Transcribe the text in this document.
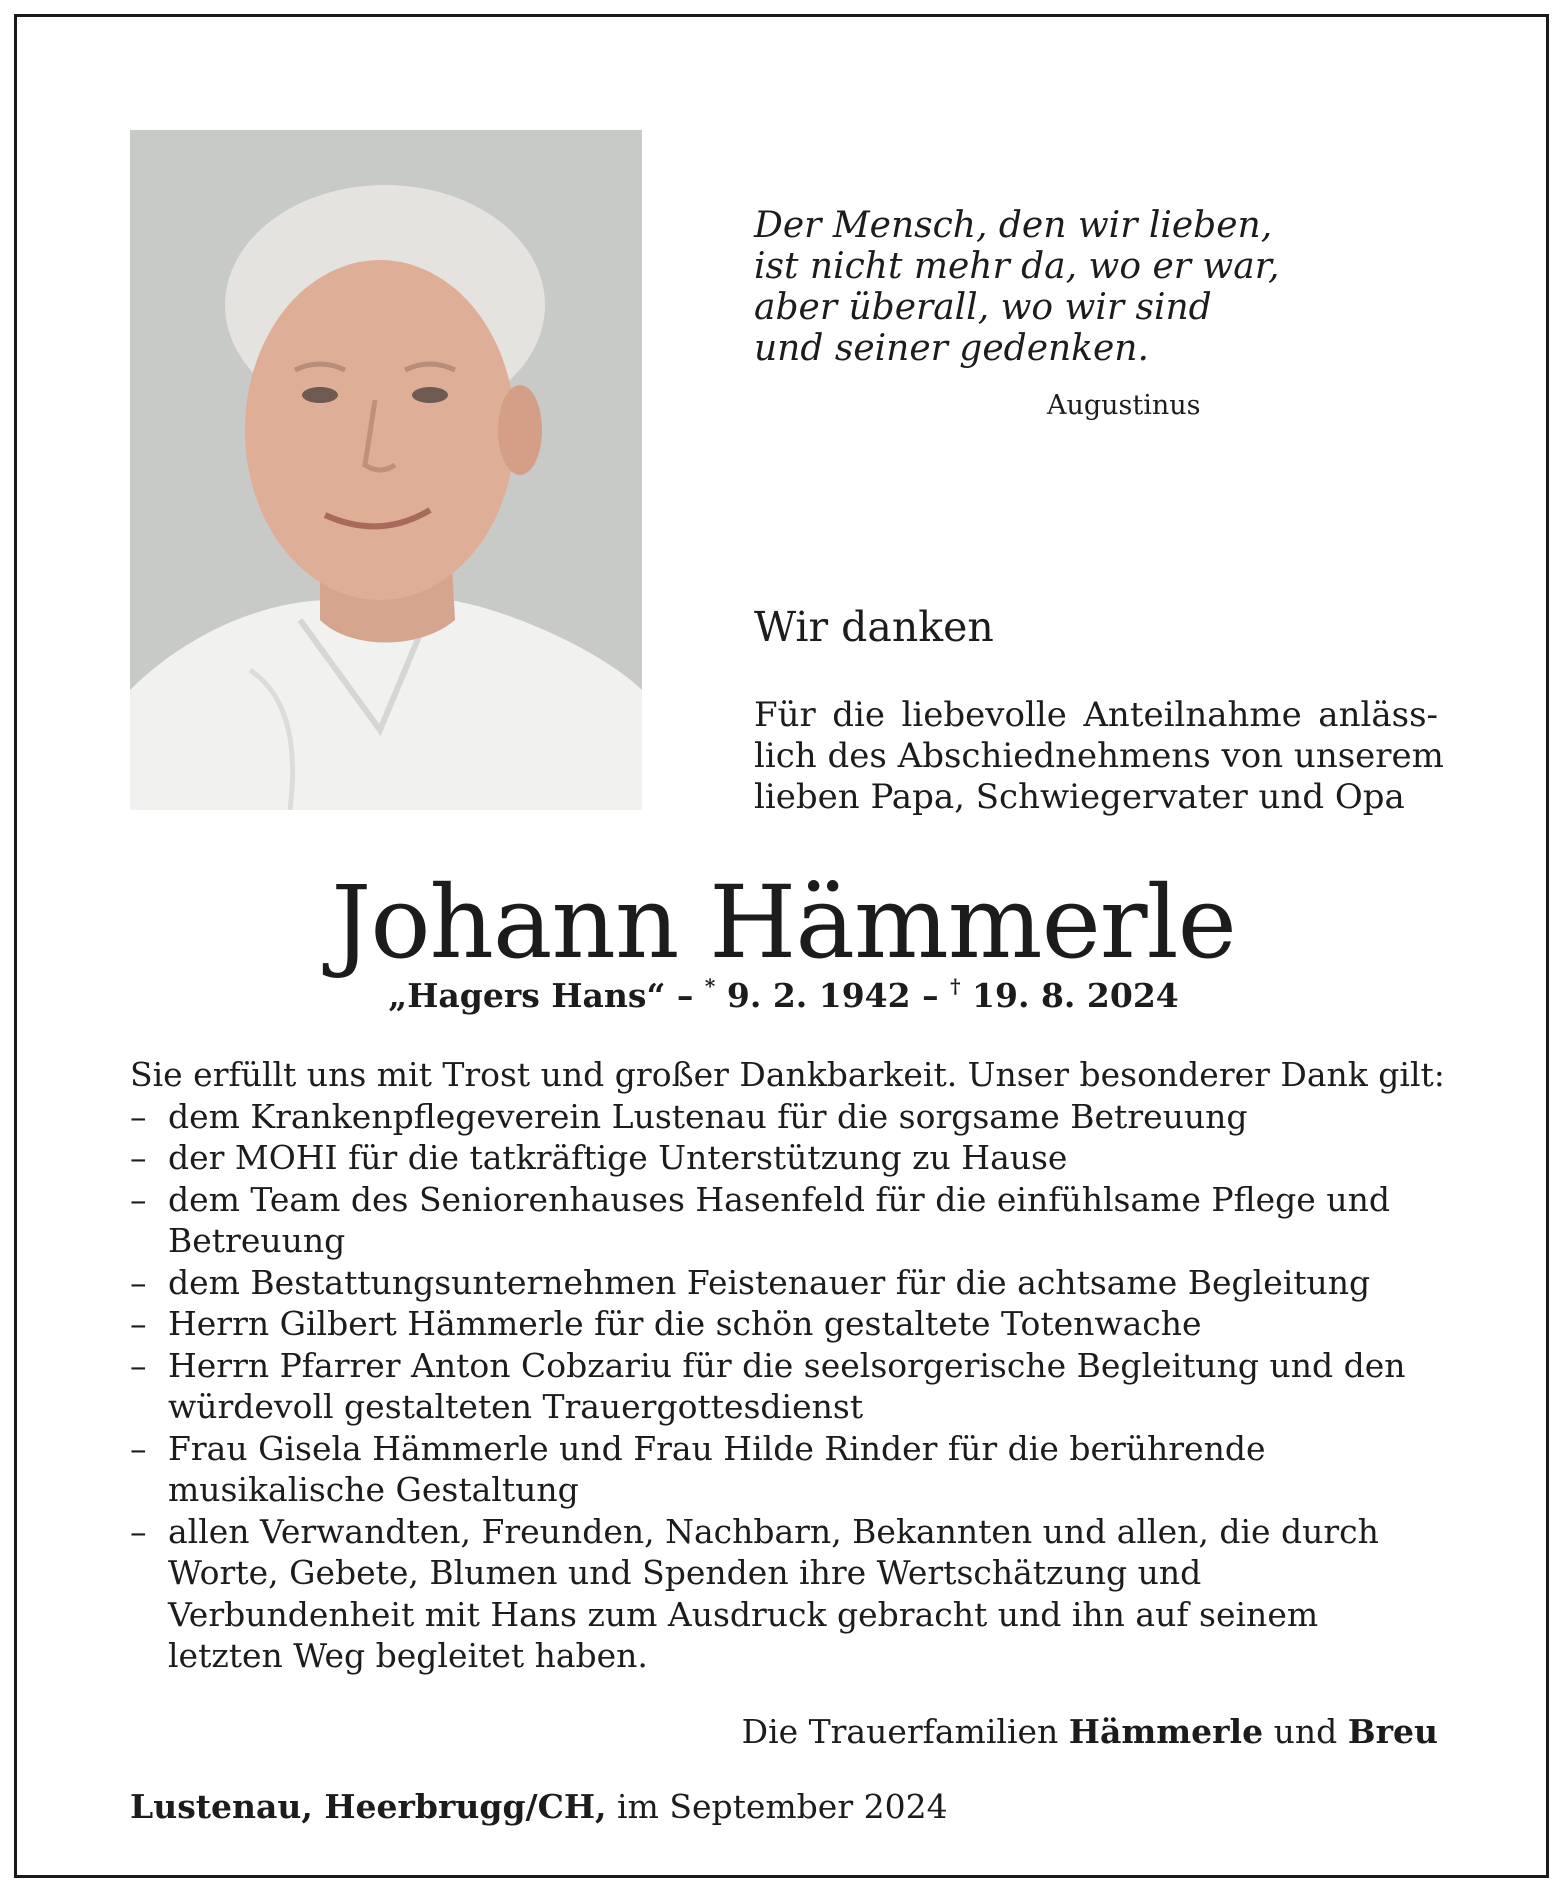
Der Mensch, den wir lieben,
ist nicht mehr da, wo er war,
aber überall, wo wir sind
und seiner gedenken.
Augustinus
Wir danken
Für die liebevolle Anteilnahme anläss-
lich des Abschiednehmens von unserem
lieben Papa, Schwiegervater und Opa
Johann Hämmerle
„Hagers Hans“ – * 9. 2. 1942 – † 19. 8. 2024
Sie erfüllt uns mit Trost und großer Dankbarkeit. Unser besonderer Dank gilt:
– dem Krankenpflegeverein Lustenau für die sorgsame Betreuung
– der MOHI für die tatkräftige Unterstützung zu Hause
– dem Team des Seniorenhauses Hasenfeld für die einfühlsame Pflege und Betreuung
– dem Bestattungsunternehmen Feistenauer für die achtsame Begleitung
– Herrn Gilbert Hämmerle für die schön gestaltete Totenwache
– Herrn Pfarrer Anton Cobzariu für die seelsorgerische Begleitung und den würdevoll gestalteten Trauergottesdienst
– Frau Gisela Hämmerle und Frau Hilde Rinder für die berührende musikalische Gestaltung
– allen Verwandten, Freunden, Nachbarn, Bekannten und allen, die durch Worte, Gebete, Blumen und Spenden ihre Wertschätzung und Verbundenheit mit Hans zum Ausdruck gebracht und ihn auf seinem letzten Weg begleitet haben.
Die Trauerfamilien Hämmerle und Breu
Lustenau, Heerbrugg/CH, im September 2024
